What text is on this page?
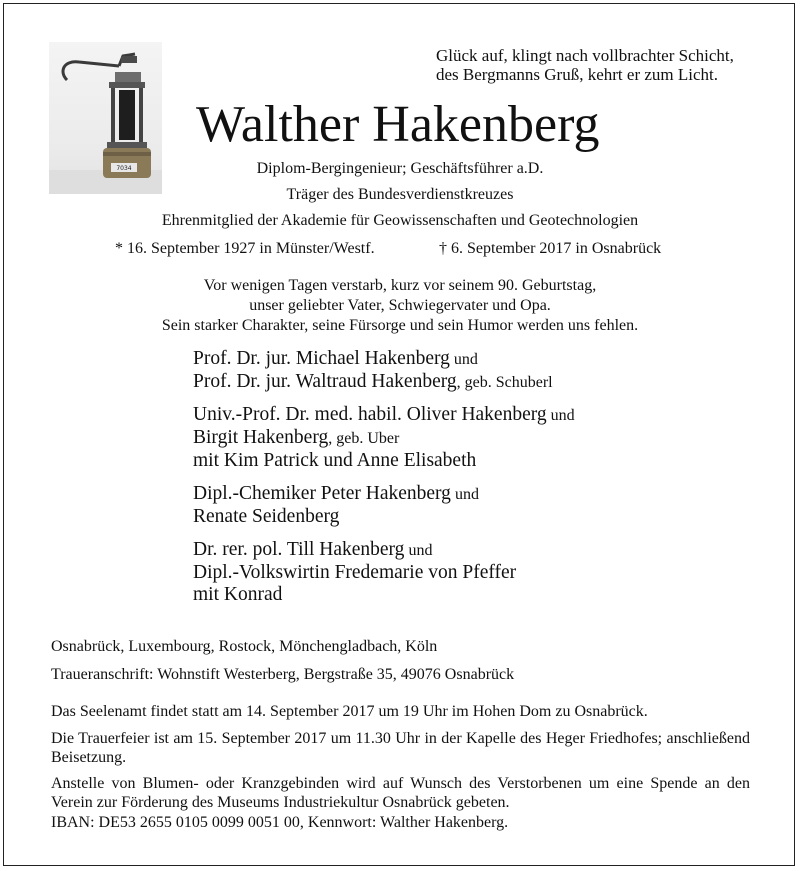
7034
Glück auf, klingt nach vollbrachter Schicht,
des Bergmanns Gruß, kehrt er zum Licht.
Walther Hakenberg
Diplom-Bergingenieur; Geschäftsführer a.D.
Träger des Bundesverdienstkreuzes
Ehrenmitglied der Akademie für Geowissenschaften und Geotechnologien
* 16. September 1927 in Münster/Westf.	† 6. September 2017 in Osnabrück
Vor wenigen Tagen verstarb, kurz vor seinem 90. Geburtstag,
unser geliebter Vater, Schwiegervater und Opa.
Sein starker Charakter, seine Fürsorge und sein Humor werden uns fehlen.
Prof. Dr. jur. Michael Hakenberg und
Prof. Dr. jur. Waltraud Hakenberg, geb. Schuberl
Univ.-Prof. Dr. med. habil. Oliver Hakenberg und
Birgit Hakenberg, geb. Uber
mit Kim Patrick und Anne Elisabeth
Dipl.-Chemiker Peter Hakenberg und
Renate Seidenberg
Dr. rer. pol. Till Hakenberg und
Dipl.-Volkswirtin Fredemarie von Pfeffer
mit Konrad
Osnabrück, Luxembourg, Rostock, Mönchengladbach, Köln
Traueranschrift: Wohnstift Westerberg, Bergstraße 35, 49076 Osnabrück
Das Seelenamt findet statt am 14. September 2017 um 19 Uhr im Hohen Dom zu Osnabrück.
Die Trauerfeier ist am 15. September 2017 um 11.30 Uhr in der Kapelle des Heger Friedhofes; anschließend Beisetzung.
Anstelle von Blumen- oder Kranzgebinden wird auf Wunsch des Verstorbenen um eine Spende an den Verein zur Förderung des Museums Industriekultur Osnabrück gebeten.
IBAN: DE53 2655 0105 0099 0051 00, Kennwort: Walther Hakenberg.
